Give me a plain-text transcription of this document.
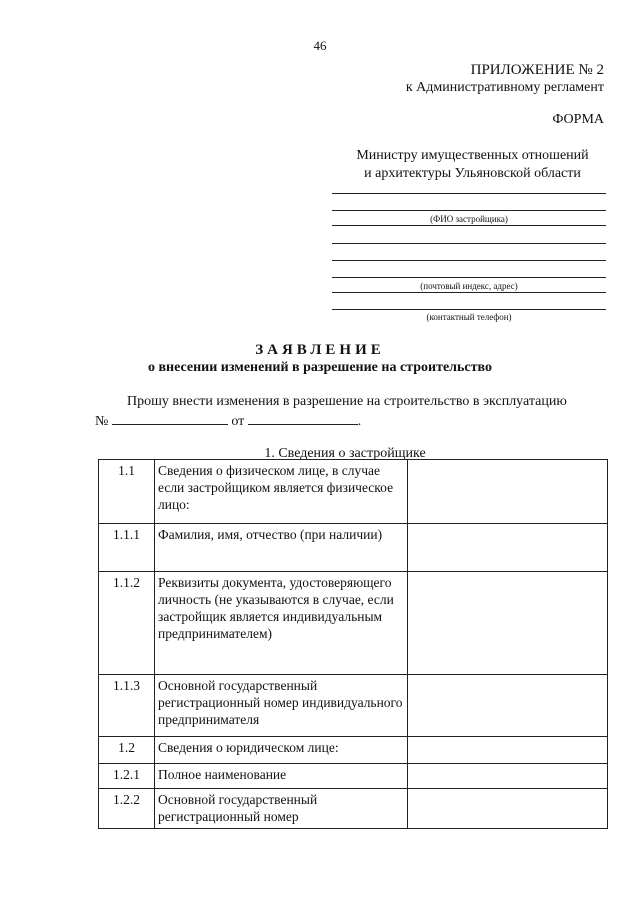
46
ПРИЛОЖЕНИЕ № 2
к Административному регламент
ФОРМА
Министру имущественных отношений
и архитектуры Ульяновской области
(ФИО застройщика)
(почтовый индекс, адрес)
(контактный телефон)
ЗАЯВЛЕНИЕ
о внесении изменений в разрешение на строительство
Прошу внести изменения в разрешение на строительство в эксплуатацию
№	от	.
1. Сведения о застройщике
1.1	Сведения о физическом лице, в случае если застройщиком является физическое лицо:	
1.1.1	Фамилия, имя, отчество (при наличии)	
1.1.2	Реквизиты документа, удостоверяющего личность (не указываются в случае, если застройщик является индивидуальным предпринимателем)	
1.1.3	Основной государственный регистрационный номер индивидуального предпринимателя	
1.2	Сведения о юридическом лице:	
1.2.1	Полное наименование	
1.2.2	Основной государственный регистрационный номер	
